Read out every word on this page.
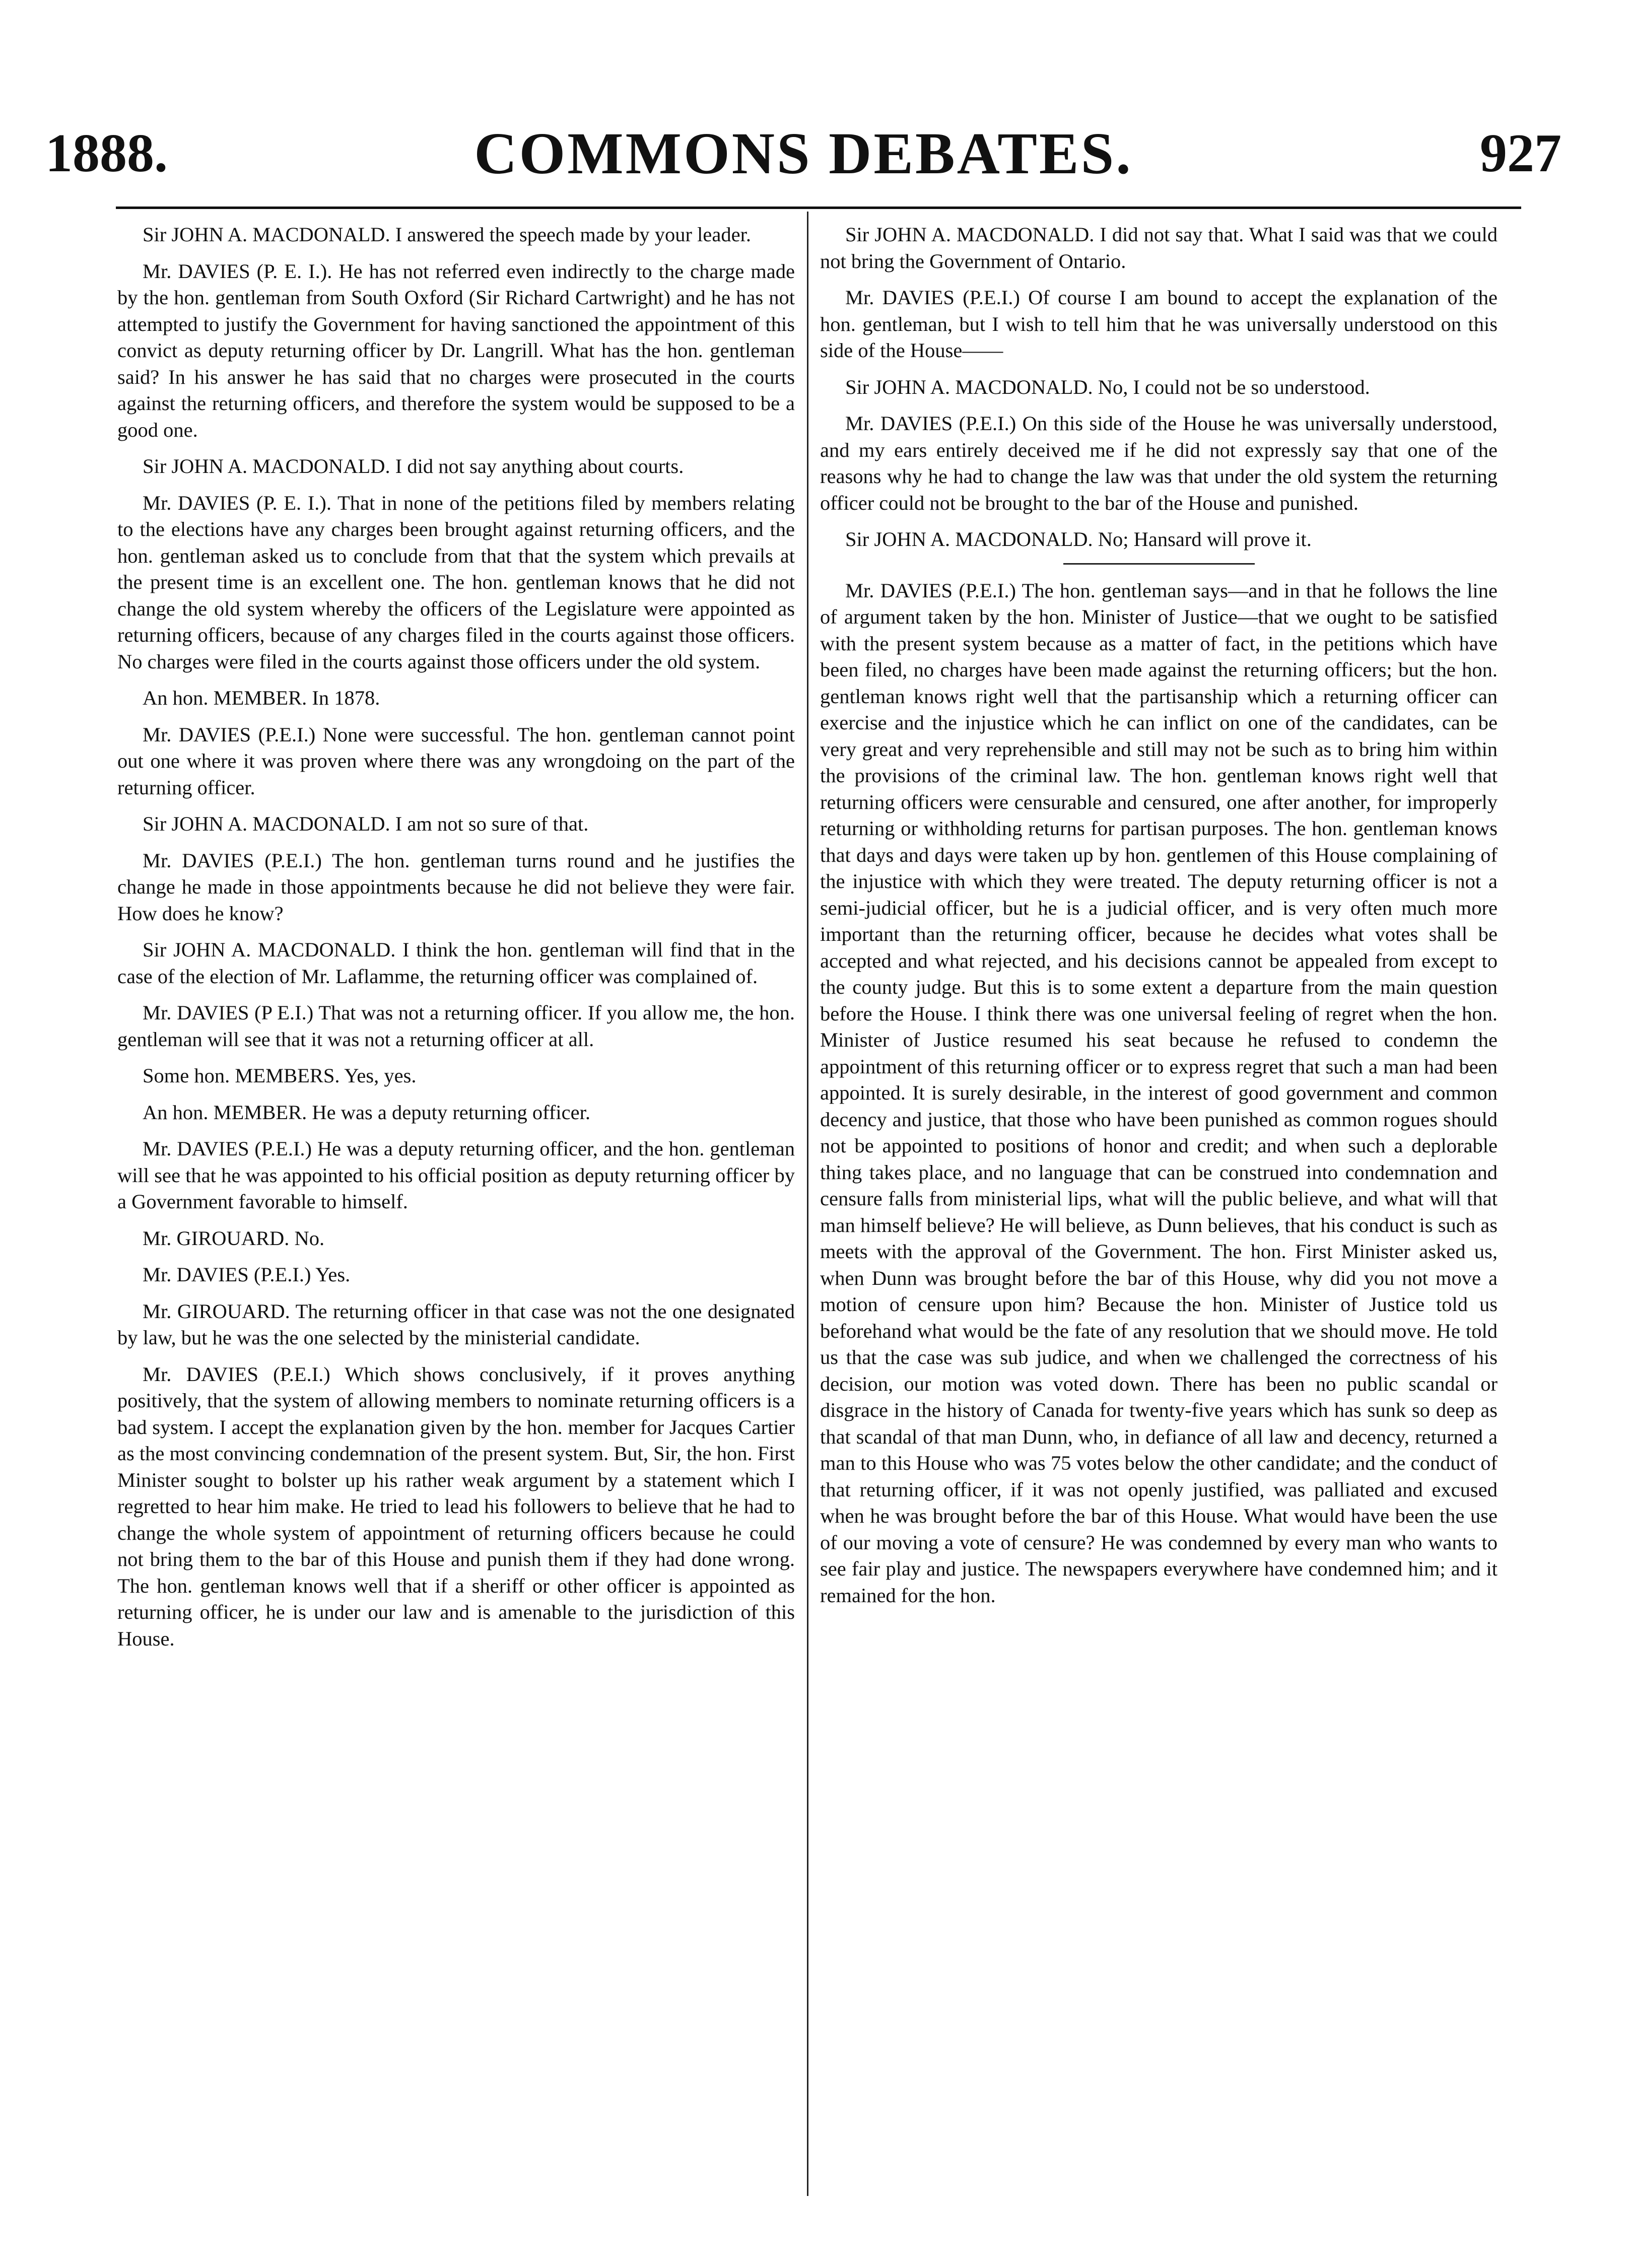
1888.	COMMONS DEBATES.	927

Sir JOHN A. MACDONALD. I answered the speech made by your leader.

Mr. DAVIES (P. E. I.). He has not referred even indirectly to the charge made by the hon. gentleman from South Oxford (Sir Richard Cartwright) and he has not attempted to justify the Government for having sanctioned the appointment of this convict as deputy returning officer by Dr. Langrill. What has the hon. gentleman said? In his answer he has said that no charges were prosecuted in the courts against the returning officers, and therefore the system would be supposed to be a good one.

Sir JOHN A. MACDONALD. I did not say anything about courts.

Mr. DAVIES (P. E. I.). That in none of the petitions filed by members relating to the elections have any charges been brought against returning officers, and the hon. gentleman asked us to conclude from that that the system which prevails at the present time is an excellent one. The hon. gentleman knows that he did not change the old system whereby the officers of the Legislature were appointed as returning officers, because of any charges filed in the courts against those officers. No charges were filed in the courts against those officers under the old system.

An hon. MEMBER. In 1878.

Mr. DAVIES (P.E.I.) None were successful. The hon. gentleman cannot point out one where it was proven where there was any wrongdoing on the part of the returning officer.

Sir JOHN A. MACDONALD. I am not so sure of that.

Mr. DAVIES (P.E.I.) The hon. gentleman turns round and he justifies the change he made in those appointments because he did not believe they were fair. How does he know?

Sir JOHN A. MACDONALD. I think the hon. gentleman will find that in the case of the election of Mr. Laflamme, the returning officer was complained of.

Mr. DAVIES (P E.I.) That was not a returning officer. If you allow me, the hon. gentleman will see that it was not a returning officer at all.

Some hon. MEMBERS. Yes, yes.

An hon. MEMBER. He was a deputy returning officer.

Mr. DAVIES (P.E.I.) He was a deputy returning officer, and the hon. gentleman will see that he was appointed to his official position as deputy returning officer by a Government favorable to himself.

Mr. GIROUARD. No.

Mr. DAVIES (P.E.I.) Yes.

Mr. GIROUARD. The returning officer in that case was not the one designated by law, but he was the one selected by the ministerial candidate.

Mr. DAVIES (P.E.I.) Which shows conclusively, if it proves anything positively, that the system of allowing members to nominate returning officers is a bad system. I accept the explanation given by the hon. member for Jacques Cartier as the most convincing condemnation of the present system. But, Sir, the hon. First Minister sought to bolster up his rather weak argument by a statement which I regretted to hear him make. He tried to lead his followers to believe that he had to change the whole system of appointment of returning officers because he could not bring them to the bar of this House and punish them if they had done wrong. The hon. gentleman knows well that if a sheriff or other officer is appointed as returning officer, he is under our law and is amenable to the jurisdiction of this House.

Sir JOHN A. MACDONALD. I did not say that. What I said was that we could not bring the Government of Ontario.

Mr. DAVIES (P.E.I.) Of course I am bound to accept the explanation of the hon. gentleman, but I wish to tell him that he was universally understood on this side of the House——

Sir JOHN A. MACDONALD. No, I could not be so understood.

Mr. DAVIES (P.E.I.) On this side of the House he was universally understood, and my ears entirely deceived me if he did not expressly say that one of the reasons why he had to change the law was that under the old system the returning officer could not be brought to the bar of the House and punished.

Sir JOHN A. MACDONALD. No; Hansard will prove it.

Mr. DAVIES (P.E.I.) The hon. gentleman says—and in that he follows the line of argument taken by the hon. Minister of Justice—that we ought to be satisfied with the present system because as a matter of fact, in the petitions which have been filed, no charges have been made against the returning officers; but the hon. gentleman knows right well that the partisanship which a returning officer can exercise and the injustice which he can inflict on one of the candidates, can be very great and very reprehensible and still may not be such as to bring him within the provisions of the criminal law. The hon. gentleman knows right well that returning officers were censurable and censured, one after another, for improperly returning or withholding returns for partisan purposes. The hon. gentleman knows that days and days were taken up by hon. gentlemen of this House complaining of the injustice with which they were treated. The deputy returning officer is not a semi-judicial officer, but he is a judicial officer, and is very often much more important than the returning officer, because he decides what votes shall be accepted and what rejected, and his decisions cannot be appealed from except to the county judge. But this is to some extent a departure from the main question before the House. I think there was one universal feeling of regret when the hon. Minister of Justice resumed his seat because he refused to condemn the appointment of this returning officer or to express regret that such a man had been appointed. It is surely desirable, in the interest of good government and common decency and justice, that those who have been punished as common rogues should not be appointed to positions of honor and credit; and when such a deplorable thing takes place, and no language that can be construed into condemnation and censure falls from ministerial lips, what will the public believe, and what will that man himself believe? He will believe, as Dunn believes, that his conduct is such as meets with the approval of the Government. The hon. First Minister asked us, when Dunn was brought before the bar of this House, why did you not move a motion of censure upon him? Because the hon. Minister of Justice told us beforehand what would be the fate of any resolution that we should move. He told us that the case was sub judice, and when we challenged the correctness of his decision, our motion was voted down. There has been no public scandal or disgrace in the history of Canada for twenty-five years which has sunk so deep as that scandal of that man Dunn, who, in defiance of all law and decency, returned a man to this House who was 75 votes below the other candidate; and the conduct of that returning officer, if it was not openly justified, was palliated and excused when he was brought before the bar of this House. What would have been the use of our moving a vote of censure? He was condemned by every man who wants to see fair play and justice. The newspapers everywhere have condemned him; and it remained for the hon.
